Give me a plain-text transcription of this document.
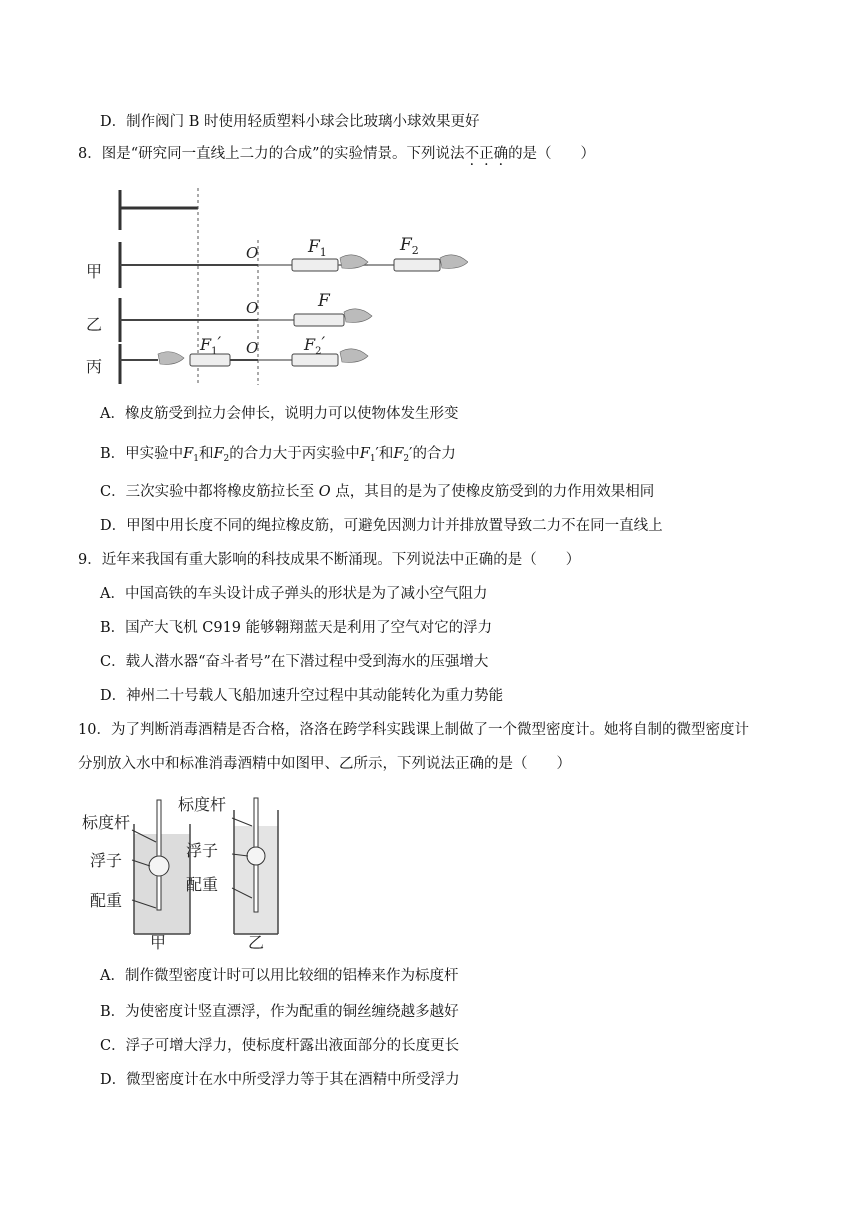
D．制作阀门 B 时使用轻质塑料小球会比玻璃小球效果更好
8．图是“研究同一直线上二力的合成”的实验情景。下列说法不正确的是（　　）
甲
O	$F_1$	$F_2$
乙
O	F
丙
O
$F_1'$	$F_2'$
A．橡皮筋受到拉力会伸长，说明力可以使物体发生形变
B．甲实验中$F_1$和$F_2$的合力大于丙实验中$F_1'$和$F_2'$的合力
C．三次实验中都将橡皮筋拉长至 O 点，其目的是为了使橡皮筋受到的力作用效果相同
D．甲图中用长度不同的绳拉橡皮筋，可避免因测力计并排放置导致二力不在同一直线上
9．近年来我国有重大影响的科技成果不断涌现。下列说法中正确的是（　　）
A．中国高铁的车头设计成子弹头的形状是为了减小空气阻力
B．国产大飞机 C919 能够翱翔蓝天是利用了空气对它的浮力
C．载人潜水器“奋斗者号”在下潜过程中受到海水的压强增大
D．神州二十号载人飞船加速升空过程中其动能转化为重力势能
10．为了判断消毒酒精是否合格，洛洛在跨学科实践课上制做了一个微型密度计。她将自制的微型密度计
分别放入水中和标准消毒酒精中如图甲、乙所示，下列说法正确的是（　　）
标度杆
浮子
配重
甲
标度杆
浮子
配重
乙
A．制作微型密度计时可以用比较细的铝棒来作为标度杆
B．为使密度计竖直漂浮，作为配重的铜丝缠绕越多越好
C．浮子可增大浮力，使标度杆露出液面部分的长度更长
D．微型密度计在水中所受浮力等于其在酒精中所受浮力
